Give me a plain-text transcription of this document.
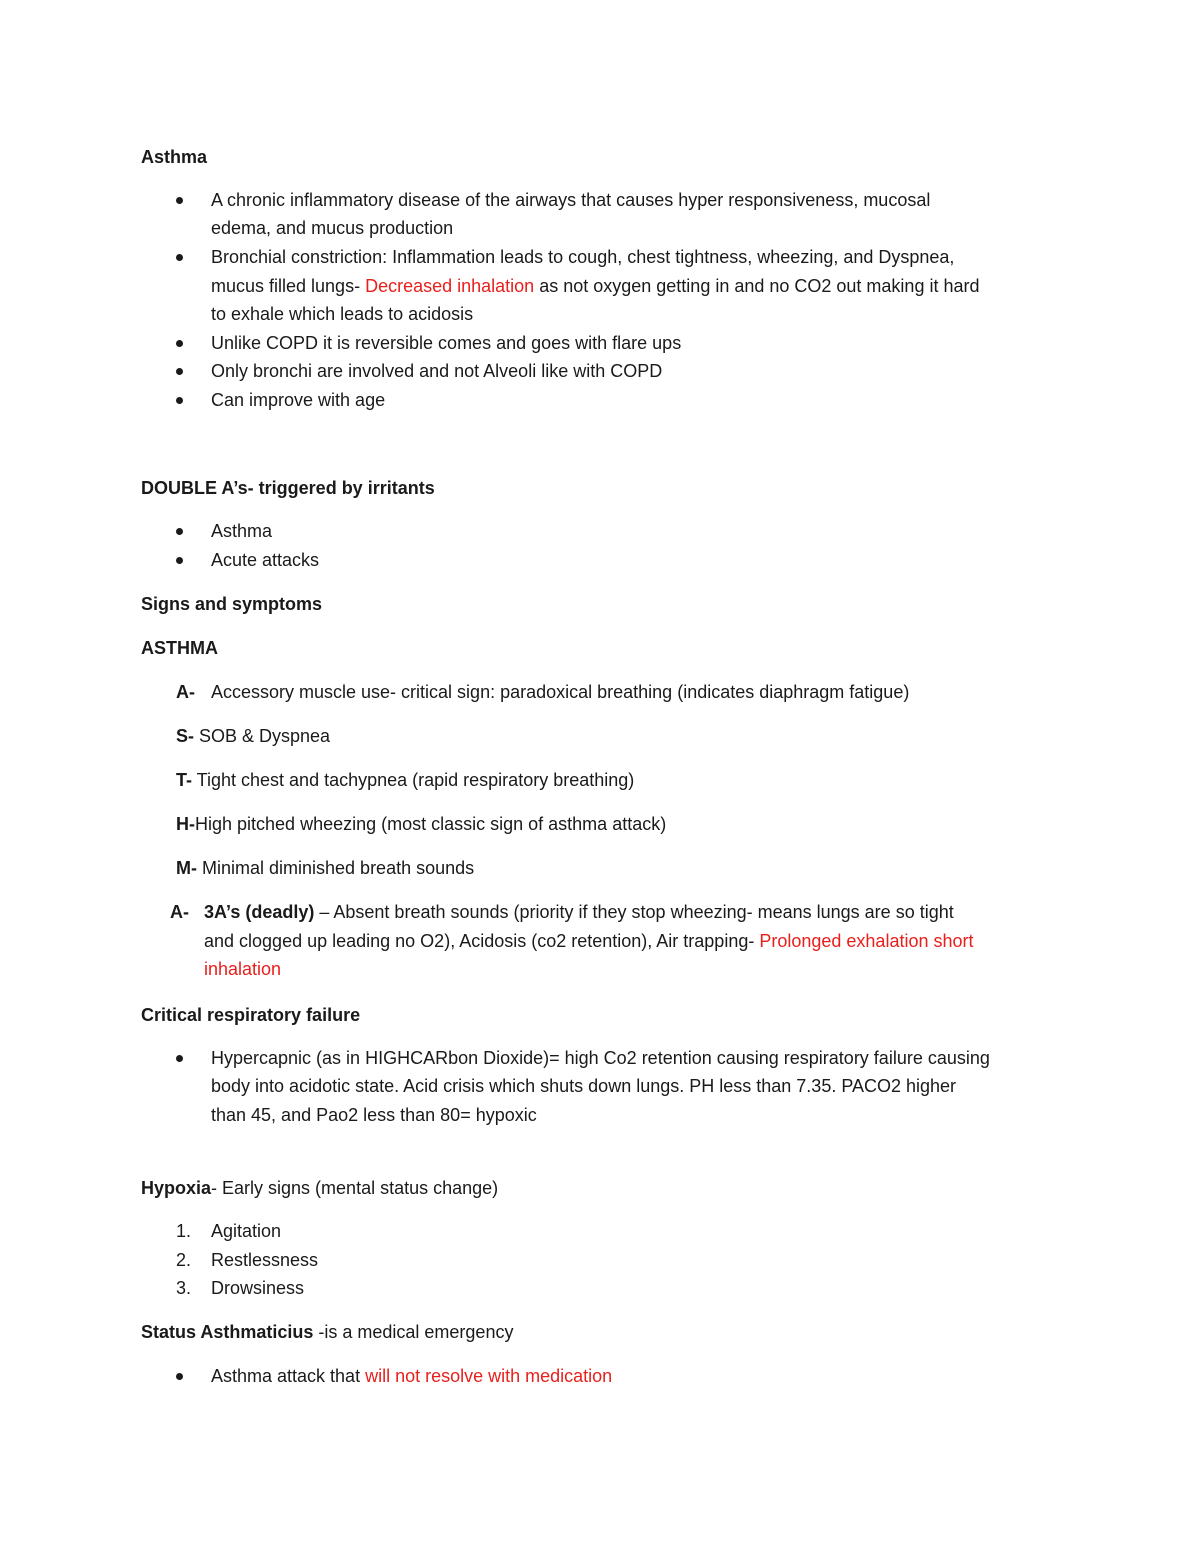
Asthma
A chronic inflammatory disease of the airways that causes hyper responsiveness, mucosal
edema, and mucus production
Bronchial constriction: Inflammation leads to cough, chest tightness, wheezing, and Dyspnea,
mucus filled lungs- Decreased inhalation as not oxygen getting in and no CO2 out making it hard
to exhale which leads to acidosis
Unlike COPD it is reversible comes and goes with flare ups
Only bronchi are involved and not Alveoli like with COPD
Can improve with age
DOUBLE A’s- triggered by irritants
Asthma
Acute attacks
Signs and symptoms
ASTHMA
A- Accessory muscle use- critical sign: paradoxical breathing (indicates diaphragm fatigue)
S- SOB & Dyspnea
T- Tight chest and tachypnea (rapid respiratory breathing)
H-High pitched wheezing (most classic sign of asthma attack)
M- Minimal diminished breath sounds
A- 3A’s (deadly) – Absent breath sounds (priority if they stop wheezing- means lungs are so tight
and clogged up leading no O2), Acidosis (co2 retention), Air trapping- Prolonged exhalation short
inhalation
Critical respiratory failure
Hypercapnic (as in HIGHCARbon Dioxide)= high Co2 retention causing respiratory failure causing
body into acidotic state. Acid crisis which shuts down lungs. PH less than 7.35. PACO2 higher
than 45, and Pao2 less than 80= hypoxic
Hypoxia- Early signs (mental status change)
1. Agitation
2. Restlessness
3. Drowsiness
Status Asthmaticius -is a medical emergency
Asthma attack that will not resolve with medication
